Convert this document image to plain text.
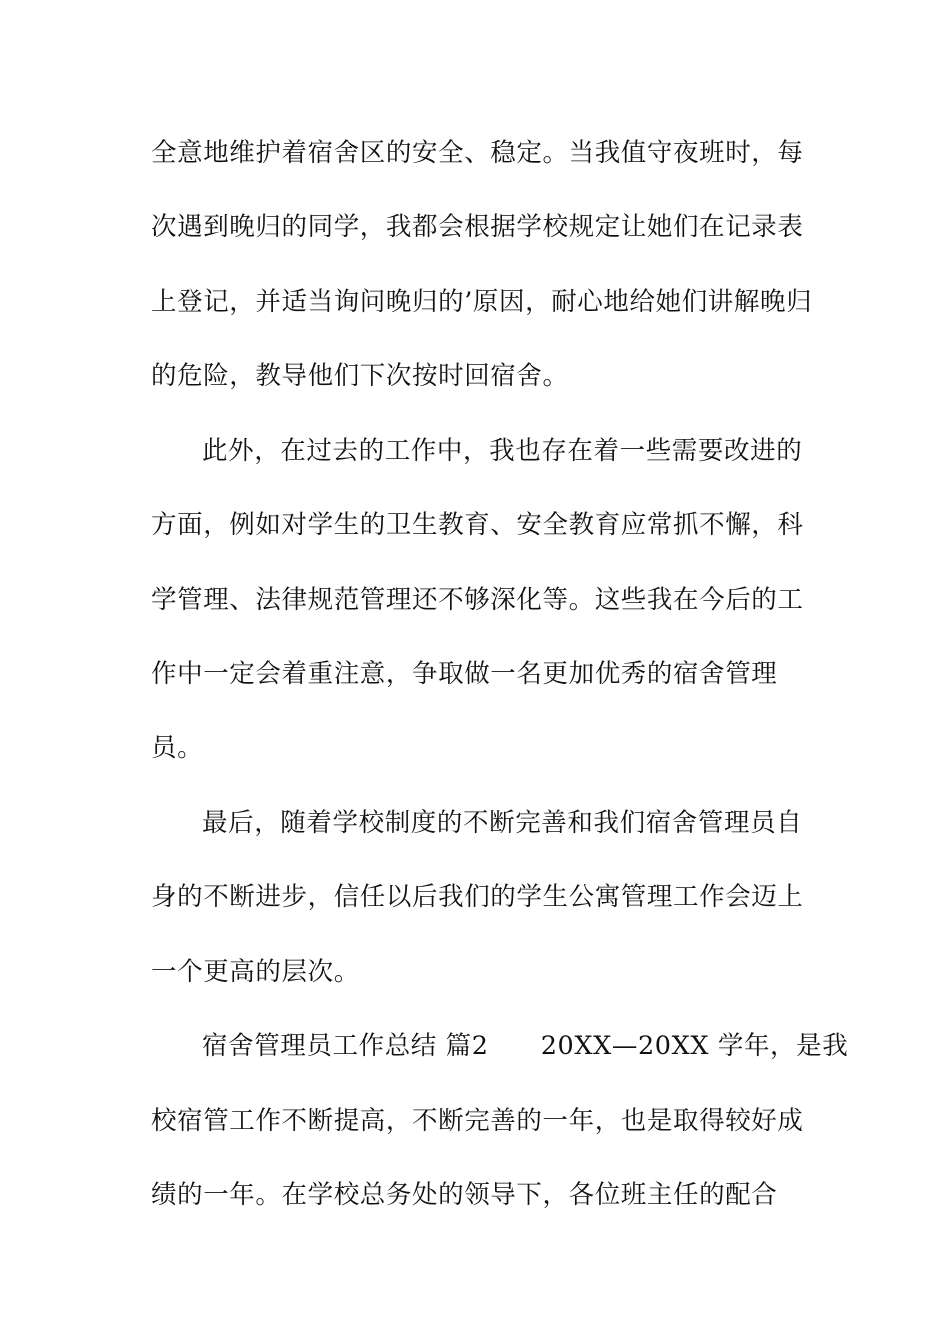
全意地维护着宿舍区的安全、稳定。当我值守夜班时，每
次遇到晚归的同学，我都会根据学校规定让她们在记录表
上登记，并适当询问晚归的’原因，耐心地给她们讲解晚归
的危险，教导他们下次按时回宿舍。
此外，在过去的工作中，我也存在着一些需要改进的
方面，例如对学生的卫生教育、安全教育应常抓不懈，科
学管理、法律规范管理还不够深化等。这些我在今后的工
作中一定会着重注意，争取做一名更加优秀的宿舍管理
员。
最后，随着学校制度的不断完善和我们宿舍管理员自
身的不断进步，信任以后我们的学生公寓管理工作会迈上
一个更高的层次。
宿舍管理员工作总结 篇2　　20XX—20XX 学年，是我
校宿管工作不断提高，不断完善的一年，也是取得较好成
绩的一年。在学校总务处的领导下，各位班主任的配合
